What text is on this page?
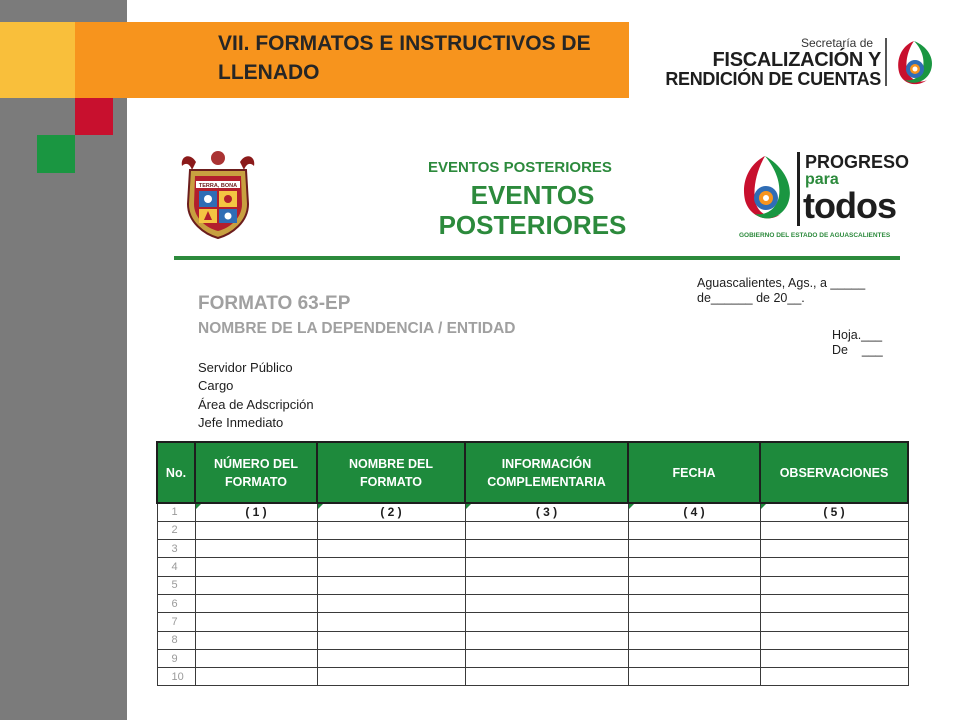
VII. FORMATOS E INSTRUCTIVOS DE LLENADO
Secretaría de
FISCALIZACIÓN Y
RENDICIÓN DE CUENTAS
TERRA, BONA
EVENTOS POSTERIORES
EVENTOS POSTERIORES
PROGRESO
para
todos
GOBIERNO DEL ESTADO DE AGUASCALIENTES
Aguascalientes, Ags., a _____
de______ de 20__.
FORMATO 63-EP
NOMBRE DE LA DEPENDENCIA / ENTIDAD	Hoja.___
De    ___
Servidor Público
Cargo
Área de Adscripción
Jefe Inmediato
No.	NÚMERO DEL FORMATO	NOMBRE DEL FORMATO	INFORMACIÓN COMPLEMENTARIA	FECHA	OBSERVACIONES
1	( 1 )	( 2 )	( 3 )	( 4 )	( 5 )
2					
3					
4					
5					
6					
7					
8					
9					
10					
